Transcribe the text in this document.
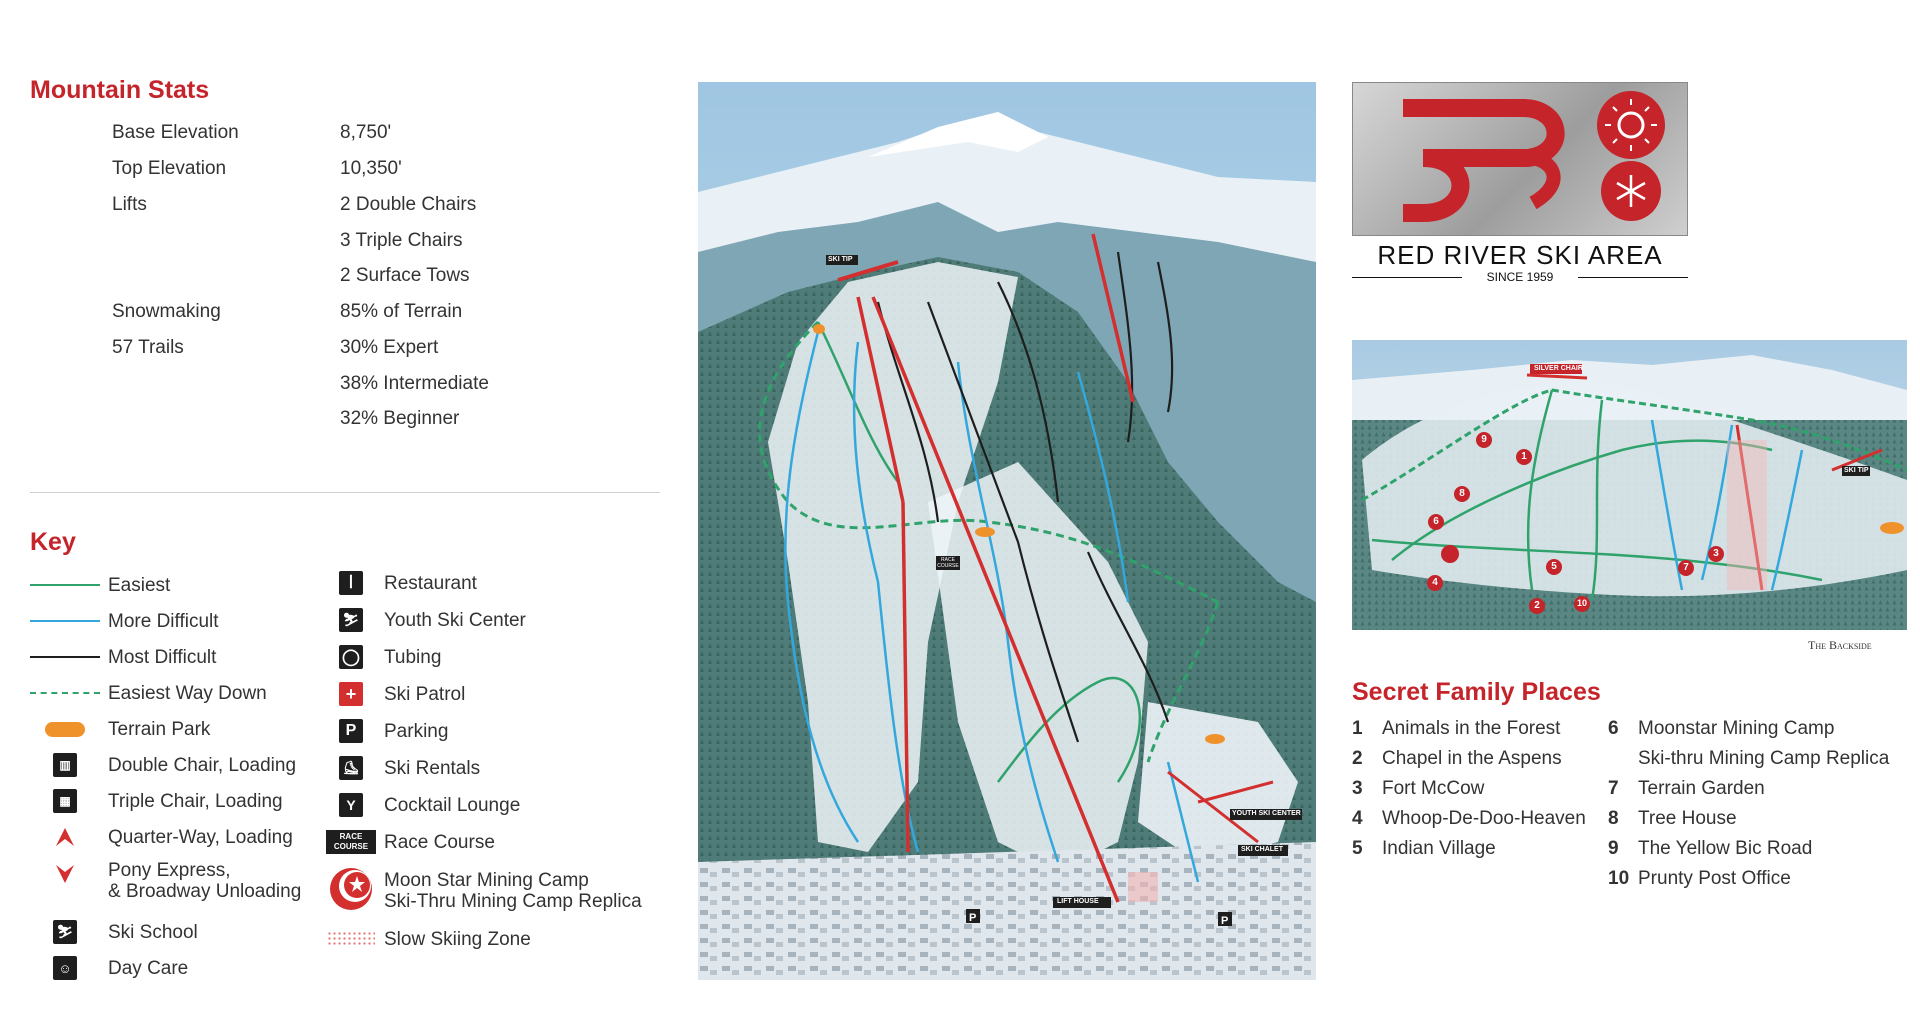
Mountain Stats
Base Elevation	8,750'
Top Elevation	10,350'
Lifts	2 Double Chairs
3 Triple Chairs
2 Surface Tows
Snowmaking	85% of Terrain
57 Trails	30% Expert
38% Intermediate
32% Beginner
Key
Easiest
More Difficult
Most Difficult
Easiest Way Down
Terrain Park
▥	Double Chair, Loading
▦	Triple Chair, Loading
Quarter-Way, Loading
Pony Express,
& Broadway Unloading
⛷ Ski School
☺ Day Care
ꟾ	Restaurant
⛷ Youth Ski Center
◯ Tubing
+	Ski Patrol
P	Parking
⛸ Ski Rentals
Y	Cocktail Lounge
RACE COURSE Race Course
Moon Star Mining Camp
Ski-Thru Mining Camp Replica
Slow Skiing Zone
P	P
SKI TIP
RACE COURSE
YOUTH SKI CENTER
SKI CHALET
LIFT HOUSE
RED RIVER SKI AREA
SINCE 1959
SILVER CHAIR
SKI TIP
1
2
3
4
5
6
7
8
9
10
The Backside
Secret Family Places
1	Animals in the Forest
2	Chapel in the Aspens
3	Fort McCow
4	Whoop-De-Doo-Heaven
5	Indian Village
6	Moonstar Mining Camp
Ski-thru Mining Camp Replica
7	Terrain Garden
8	Tree House
9	The Yellow Bic Road
10 Prunty Post Office
